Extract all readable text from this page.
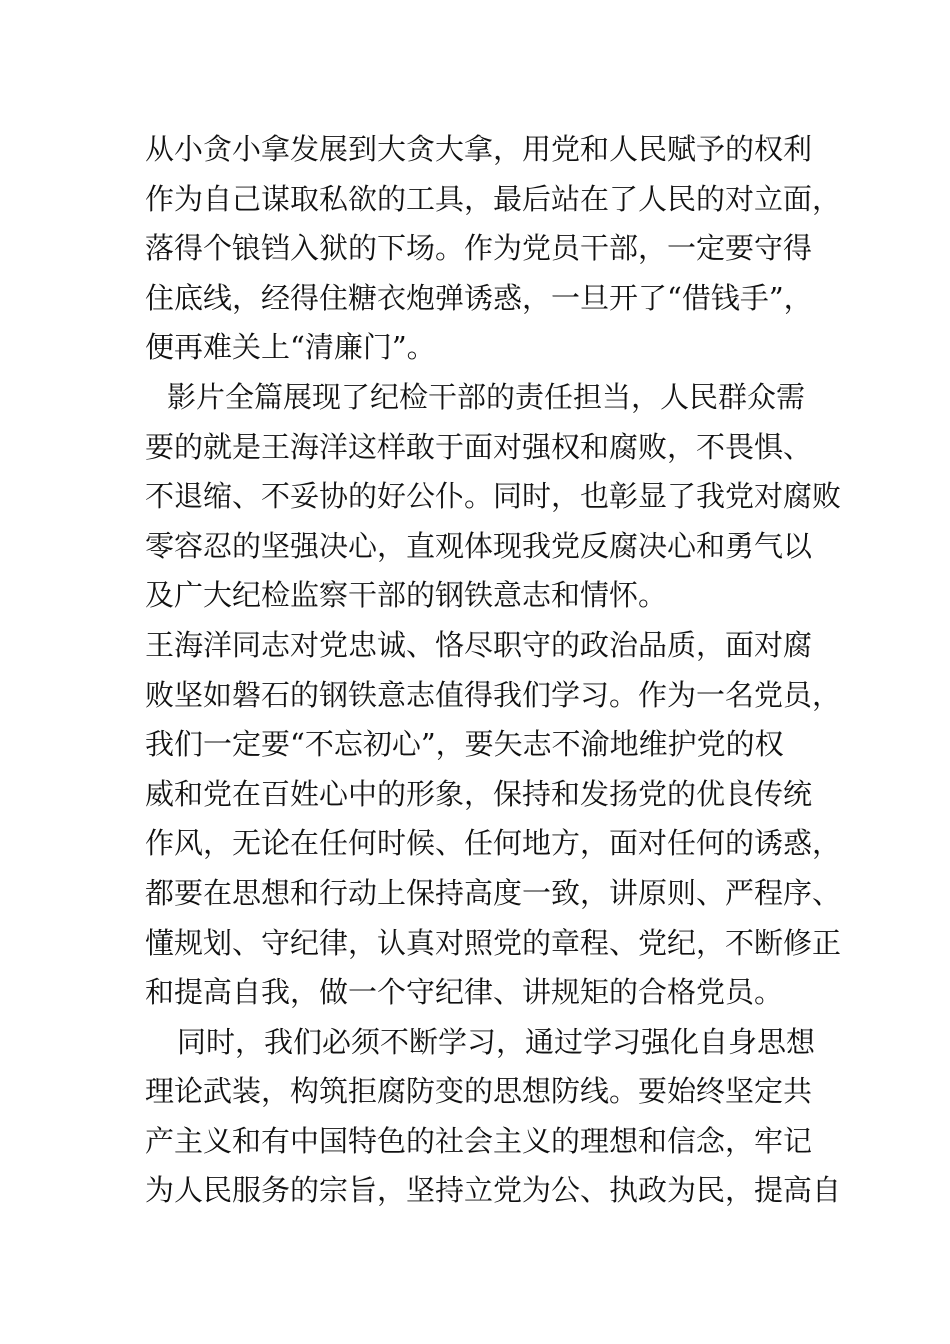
从小贪小拿发展到大贪大拿，用党和人民赋予的权利
作为自己谋取私欲的工具，最后站在了人民的对立面，
落得个锒铛入狱的下场。作为党员干部，一定要守得
住底线，经得住糖衣炮弹诱惑，一旦开了“借钱手”，
便再难关上“清廉门”。
影片全篇展现了纪检干部的责任担当，人民群众需
要的就是王海洋这样敢于面对强权和腐败，不畏惧、
不退缩、不妥协的好公仆。同时，也彰显了我党对腐败
零容忍的坚强决心，直观体现我党反腐决心和勇气以
及广大纪检监察干部的钢铁意志和情怀。
王海洋同志对党忠诚、恪尽职守的政治品质，面对腐
败坚如磐石的钢铁意志值得我们学习。作为一名党员，
我们一定要“不忘初心”，要矢志不渝地维护党的权
威和党在百姓心中的形象，保持和发扬党的优良传统
作风，无论在任何时候、任何地方，面对任何的诱惑，
都要在思想和行动上保持高度一致，讲原则、严程序、
懂规划、守纪律，认真对照党的章程、党纪，不断修正
和提高自我，做一个守纪律、讲规矩的合格党员。
同时，我们必须不断学习，通过学习强化自身思想
理论武装，构筑拒腐防变的思想防线。要始终坚定共
产主义和有中国特色的社会主义的理想和信念，牢记
为人民服务的宗旨，坚持立党为公、执政为民，提高自
